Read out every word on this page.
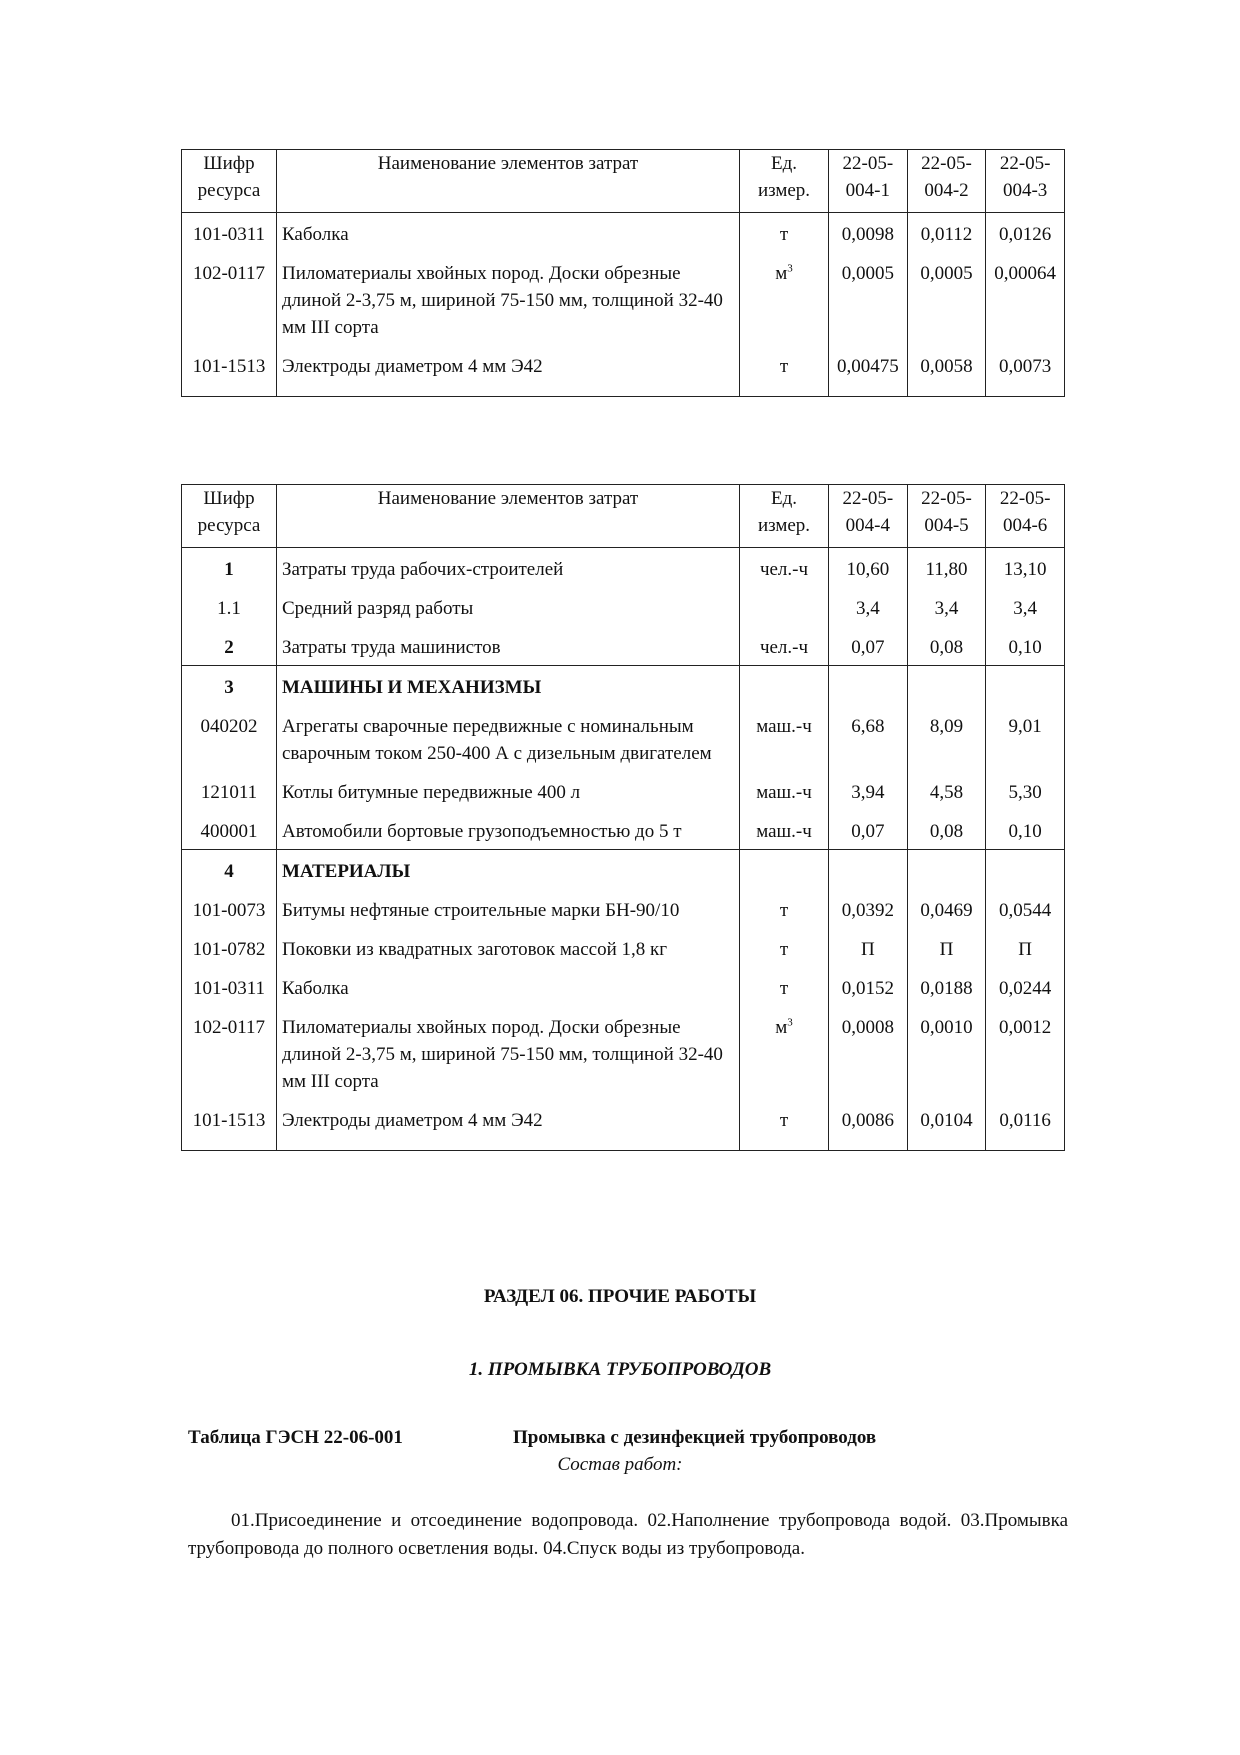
Шифр ресурса	Наименование элементов затрат	Ед. измер.	22-05-004-1	22-05-004-2	22-05-004-3
101-0311	Каболка	т	0,0098	0,0112	0,0126
102-0117	Пиломатериалы хвойных пород. Доски обрезные длиной 2-3,75 м, шириной 75-150 мм, толщиной 32-40 мм III сорта	$м^3$	0,0005	0,0005	0,00064
101-1513	Электроды диаметром 4 мм Э42	т	0,00475	0,0058	0,0073
Шифр ресурса	Наименование элементов затрат	Ед. измер.	22-05-004-4	22-05-004-5	22-05-004-6
1	Затраты труда рабочих-строителей	чел.-ч	10,60	11,80	13,10
1.1	Средний разряд работы		3,4	3,4	3,4
2	Затраты труда машинистов	чел.-ч	0,07	0,08	0,10
3	МАШИНЫ И МЕХАНИЗМЫ				
040202	Агрегаты сварочные передвижные с номинальным сварочным током 250-400 А с дизельным двигателем	маш.-ч	6,68	8,09	9,01
121011	Котлы битумные передвижные 400 л	маш.-ч	3,94	4,58	5,30
400001	Автомобили бортовые грузоподъемностью до 5 т	маш.-ч	0,07	0,08	0,10
4	МАТЕРИАЛЫ				
101-0073	Битумы нефтяные строительные марки БН-90/10	т	0,0392	0,0469	0,0544
101-0782	Поковки из квадратных заготовок массой 1,8 кг	т	П	П	П
101-0311	Каболка	т	0,0152	0,0188	0,0244
102-0117	Пиломатериалы хвойных пород. Доски обрезные длиной 2-3,75 м, шириной 75-150 мм, толщиной 32-40 мм III сорта	$м^3$	0,0008	0,0010	0,0012
101-1513	Электроды диаметром 4 мм Э42	т	0,0086	0,0104	0,0116
РАЗДЕЛ 06. ПРОЧИЕ РАБОТЫ
1. ПРОМЫВКА ТРУБОПРОВОДОВ
Таблица ГЭСН 22-06-001	Промывка с дезинфекцией трубопроводов
Состав работ:
01.Присоединение и отсоединение водопровода. 02.Наполнение трубопровода водой. 03.Промывка трубопровода до полного осветления воды. 04.Спуск воды из трубопровода.
